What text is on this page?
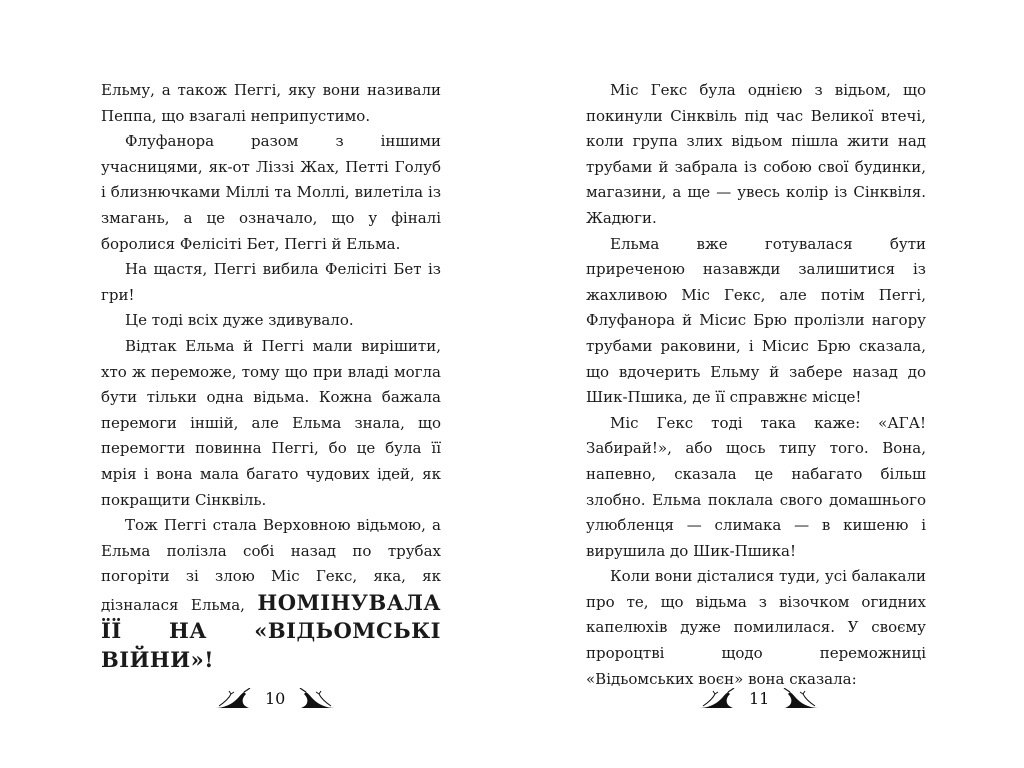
Ельму, а також Пеггі, яку вони називали Пеппа, що взагалі неприпустимо.

Флуфанора разом з іншими учасницями, як-от Ліззі Жах, Петті Голуб і близнючками Міллі та Моллі, вилетіла із змагань, а це означало, що у фіналі боролися Фелісіті Бет, Пеггі й Ельма.

На щастя, Пеггі вибила Фелісіті Бет із гри!

Це тоді всіх дуже здивувало.

Відтак Ельма й Пеггі мали вирішити, хто ж переможе, тому що при владі могла бути тільки одна відьма. Кожна бажала перемоги іншій, але Ельма знала, що перемогти повинна Пеггі, бо це була її мрія і вона мала багато чудових ідей, як покращити Сінквіль.

Тож Пеггі стала Верховною відьмою, а Ельма полізла собі назад по трубах погоріти зі злою Міс Гекс, яка, як дізналася Ельма, НОМІНУВАЛА ЇЇ НА «ВІДЬОМСЬКІ ВІЙНИ»!

10

Міс Гекс була однією з відьом, що покинули Сінквіль під час Великої втечі, коли група злих відьом пішла жити над трубами й забрала із собою свої будинки, магазини, а ще — увесь колір із Сінквіля. Жадюги.

Ельма вже готувалася бути приреченою назавжди залишитися із жахливою Міс Гекс, але потім Пеггі, Флуфанора й Місис Брю пролізли нагору трубами раковини, і Місис Брю сказала, що вдочерить Ельму й забере назад до Шик-Пшика, де її справжнє місце!

Міс Гекс тоді така каже: «АГА! Забирай!», або щось типу того. Вона, напевно, сказала це набагато більш злобно. Ельма поклала свого домашнього улюбленця — слимака — в кишеню і вирушила до Шик-Пшика!

Коли вони дісталися туди, усі балакали про те, що відьма з візочком огидних капелюхів дуже помилилася. У своєму пророцтві щодо переможниці «Відьомських воєн» вона сказала:

11
